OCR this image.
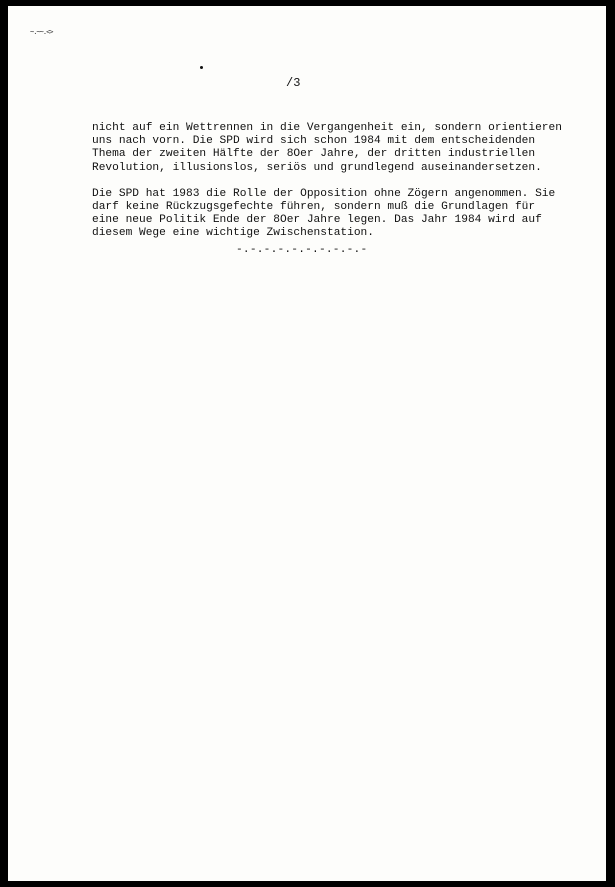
~.~~.<>
/3

nicht auf ein Wettrennen in die Vergangenheit ein, sondern orientieren
uns nach vorn. Die SPD wird sich schon 1984 mit dem entscheidenden
Thema der zweiten Hälfte der 8Oer Jahre, der dritten industriellen
Revolution, illusionslos, seriös und grundlegend auseinandersetzen.

Die SPD hat 1983 die Rolle der Opposition ohne Zögern angenommen. Sie
darf keine Rückzugsgefechte führen, sondern muß die Grundlagen für
eine neue Politik Ende der 8Oer Jahre legen. Das Jahr 1984 wird auf
diesem Wege eine wichtige Zwischenstation.

-.-.-.-.-.-.-.-.-.-
